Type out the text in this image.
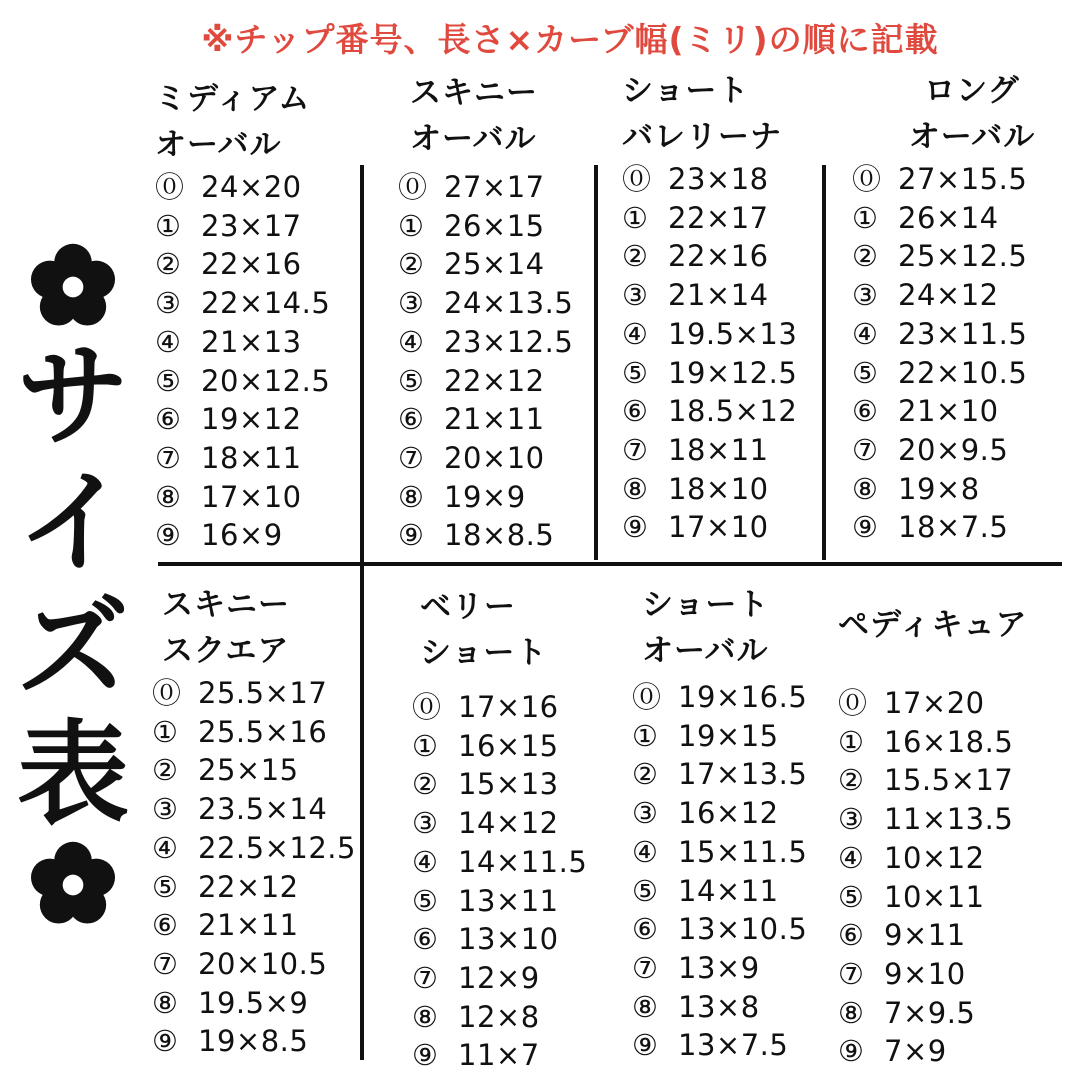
※チップ番号、長さ×カーブ幅(ミリ)の順に記載
サ
イ
ズ
表
ミディアム
オーバル
⓪ 24×20
① 23×17
② 22×16
③ 22×14.5
④ 21×13
⑤ 20×12.5
⑥ 19×12
⑦ 18×11
⑧ 17×10
⑨ 16×9
スキニー
オーバル
⓪ 27×17
① 26×15
② 25×14
③ 24×13.5
④ 23×12.5
⑤ 22×12
⑥ 21×11
⑦ 20×10
⑧ 19×9
⑨ 18×8.5
ショート
バレリーナ
⓪ 23×18
① 22×17
② 22×16
③ 21×14
④ 19.5×13
⑤ 19×12.5
⑥ 18.5×12
⑦ 18×11
⑧ 18×10
⑨ 17×10
ロング
オーバル
⓪ 27×15.5
① 26×14
② 25×12.5
③ 24×12
④ 23×11.5
⑤ 22×10.5
⑥ 21×10
⑦ 20×9.5
⑧ 19×8
⑨ 18×7.5
スキニー
スクエア
⓪ 25.5×17
① 25.5×16
② 25×15
③ 23.5×14
④ 22.5×12.5
⑤ 22×12
⑥ 21×11
⑦ 20×10.5
⑧ 19.5×9
⑨ 19×8.5
ベリー
ショート
⓪ 17×16
① 16×15
② 15×13
③ 14×12
④ 14×11.5
⑤ 13×11
⑥ 13×10
⑦ 12×9
⑧ 12×8
⑨ 11×7
ショート
オーバル
⓪ 19×16.5
① 19×15
② 17×13.5
③ 16×12
④ 15×11.5
⑤ 14×11
⑥ 13×10.5
⑦ 13×9
⑧ 13×8
⑨ 13×7.5
ペディキュア
⓪ 17×20
① 16×18.5
② 15.5×17
③ 11×13.5
④ 10×12
⑤ 10×11
⑥ 9×11
⑦ 9×10
⑧ 7×9.5
⑨ 7×9
